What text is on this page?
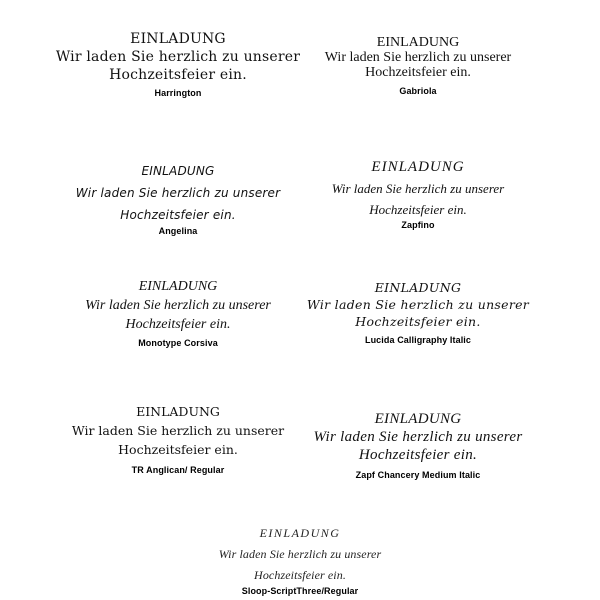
EINLADUNG
Wir laden Sie herzlich zu unserer
Hochzeitsfeier ein.
Harrington
EINLADUNG
Wir laden Sie herzlich zu unserer
Hochzeitsfeier ein.
Gabriola
EINLADUNG
Wir laden Sie herzlich zu unserer
Hochzeitsfeier ein.
Angelina
EINLADUNG
Wir laden Sie herzlich zu unserer
Hochzeitsfeier ein.
Zapfino
EINLADUNG
Wir laden Sie herzlich zu unserer
Hochzeitsfeier ein.
Monotype Corsiva
EINLADUNG
Wir laden Sie herzlich zu unserer
Hochzeitsfeier ein.
Lucida Calligraphy Italic
EINLADUNG
Wir laden Sie herzlich zu unserer
Hochzeitsfeier ein.
TR Anglican/ Regular
EINLADUNG
Wir laden Sie herzlich zu unserer
Hochzeitsfeier ein.
Zapf Chancery Medium Italic
EINLADUNG
Wir laden Sie herzlich zu unserer
Hochzeitsfeier ein.
Sloop-ScriptThree/Regular
